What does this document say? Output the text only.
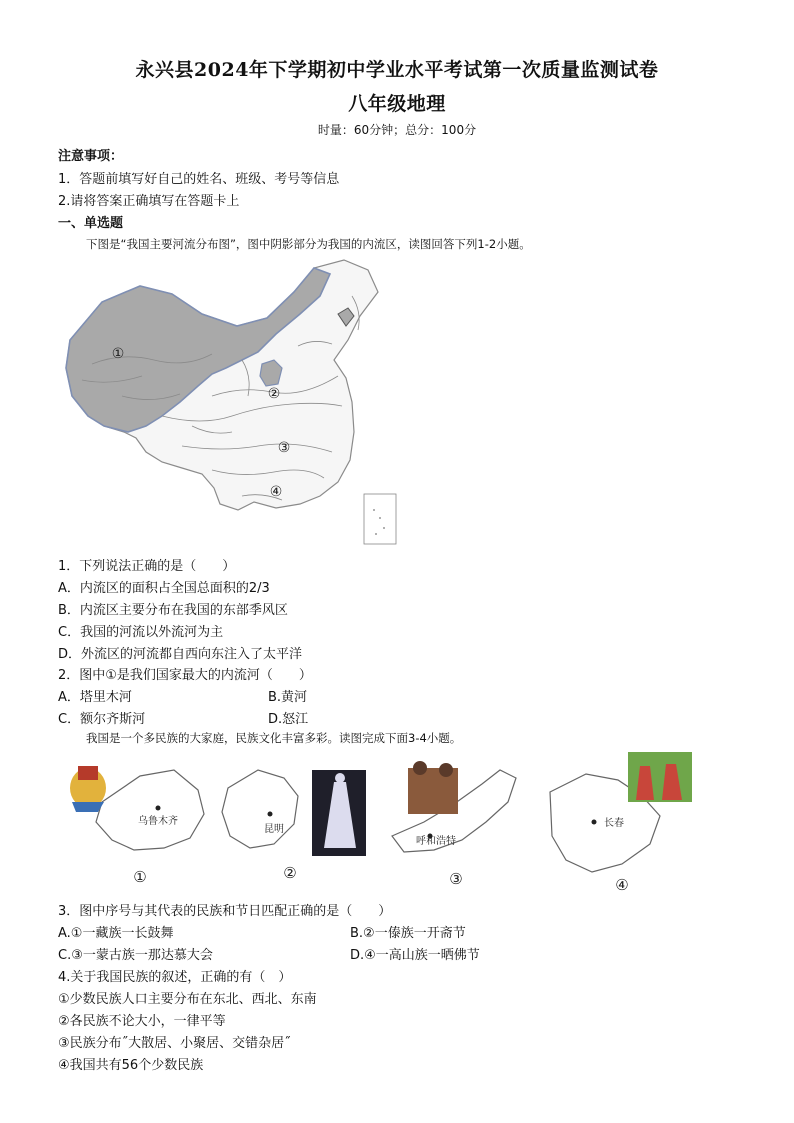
永兴县2024年下学期初中学业水平考试第一次质量监测试卷
八年级地理
时量：60分钟；总分：100分
注意事项：
1．答题前填写好自己的姓名、班级、考号等信息
2.请将答案正确填写在答题卡上
一、单选题
下图是“我国主要河流分布图”，图中阴影部分为我国的内流区，读图回答下列1-2小题。
①
②
③
④
1．下列说法正确的是（　　）
A．内流区的面积占全国总面积的2/3
B．内流区主要分布在我国的东部季风区
C．我国的河流以外流河为主
D．外流区的河流都自西向东注入了太平洋
2．图中①是我们国家最大的内流河（　　）
A．塔里木河	B.黄河
C．额尔齐斯河	D.怒江
我国是一个多民族的大家庭，民族文化丰富多彩。读图完成下面3-4小题。
乌鲁木齐
①
昆明
②
呼和浩特
③
长春
④
3．图中序号与其代表的民族和节日匹配正确的是（　　）
A.①一藏族一长鼓舞	B.②一傣族一开斋节
C.③一蒙古族一那达慕大会	D.④一高山族一晒佛节
4.关于我国民族的叙述，正确的有（　）
①少数民族人口主要分布在东北、西北、东南
②各民族不论大小，一律平等
③民族分布˝大散居、小聚居、交错杂居˝
④我国共有56个少数民族
